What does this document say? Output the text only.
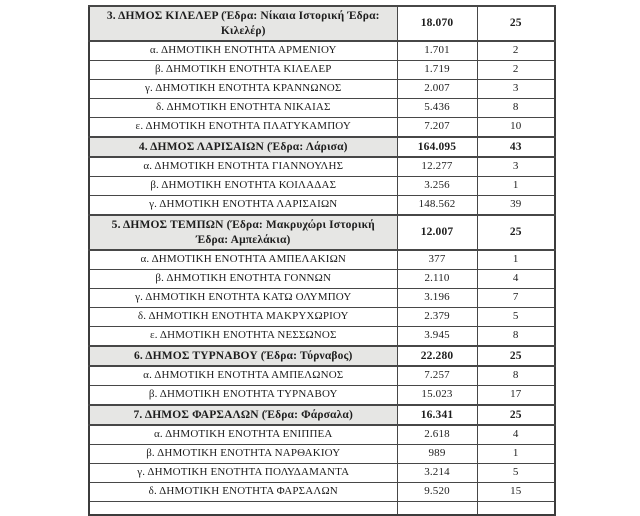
3. ΔΗΜΟΣ ΚΙΛΕΛΕΡ (Έδρα: Νίκαια Ιστορική Έδρα: Κιλελέρ)	18.070	25
α. ΔΗΜΟΤΙΚΗ ΕΝΟΤΗΤΑ ΑΡΜΕΝΙΟΥ	1.701	2
β. ΔΗΜΟΤΙΚΗ ΕΝΟΤΗΤΑ ΚΙΛΕΛΕΡ	1.719	2
γ. ΔΗΜΟΤΙΚΗ ΕΝΟΤΗΤΑ ΚΡΑΝΝΩΝΟΣ	2.007	3
δ. ΔΗΜΟΤΙΚΗ ΕΝΟΤΗΤΑ ΝΙΚΑΙΑΣ	5.436	8
ε. ΔΗΜΟΤΙΚΗ ΕΝΟΤΗΤΑ ΠΛΑΤΥΚΑΜΠΟΥ	7.207	10
4. ΔΗΜΟΣ ΛΑΡΙΣΑΙΩΝ (Έδρα: Λάρισα)	164.095	43
α. ΔΗΜΟΤΙΚΗ ΕΝΟΤΗΤΑ ΓΙΑΝΝΟΥΛΗΣ	12.277	3
β. ΔΗΜΟΤΙΚΗ ΕΝΟΤΗΤΑ ΚΟΙΛΑΔΑΣ	3.256	1
γ. ΔΗΜΟΤΙΚΗ ΕΝΟΤΗΤΑ ΛΑΡΙΣΑΙΩΝ	148.562	39
5. ΔΗΜΟΣ ΤΕΜΠΩΝ (Έδρα: Μακρυχώρι Ιστορική Έδρα: Αμπελάκια)	12.007	25
α. ΔΗΜΟΤΙΚΗ ΕΝΟΤΗΤΑ ΑΜΠΕΛΑΚΙΩΝ	377	1
β. ΔΗΜΟΤΙΚΗ ΕΝΟΤΗΤΑ ΓΟΝΝΩΝ	2.110	4
γ. ΔΗΜΟΤΙΚΗ ΕΝΟΤΗΤΑ ΚΑΤΩ ΟΛΥΜΠΟΥ	3.196	7
δ. ΔΗΜΟΤΙΚΗ ΕΝΟΤΗΤΑ ΜΑΚΡΥΧΩΡΙΟΥ	2.379	5
ε. ΔΗΜΟΤΙΚΗ ΕΝΟΤΗΤΑ ΝΕΣΣΩΝΟΣ	3.945	8
6. ΔΗΜΟΣ ΤΥΡΝΑΒΟΥ (Έδρα: Τύρναβος)	22.280	25
α. ΔΗΜΟΤΙΚΗ ΕΝΟΤΗΤΑ ΑΜΠΕΛΩΝΟΣ	7.257	8
β. ΔΗΜΟΤΙΚΗ ΕΝΟΤΗΤΑ ΤΥΡΝΑΒΟΥ	15.023	17
7. ΔΗΜΟΣ ΦΑΡΣΑΛΩΝ (Έδρα: Φάρσαλα)	16.341	25
α. ΔΗΜΟΤΙΚΗ ΕΝΟΤΗΤΑ ΕΝΙΠΠΕΑ	2.618	4
β. ΔΗΜΟΤΙΚΗ ΕΝΟΤΗΤΑ ΝΑΡΘΑΚΙΟΥ	989	1
γ. ΔΗΜΟΤΙΚΗ ΕΝΟΤΗΤΑ ΠΟΛΥΔΑΜΑΝΤΑ	3.214	5
δ. ΔΗΜΟΤΙΚΗ ΕΝΟΤΗΤΑ ΦΑΡΣΑΛΩΝ	9.520	15
